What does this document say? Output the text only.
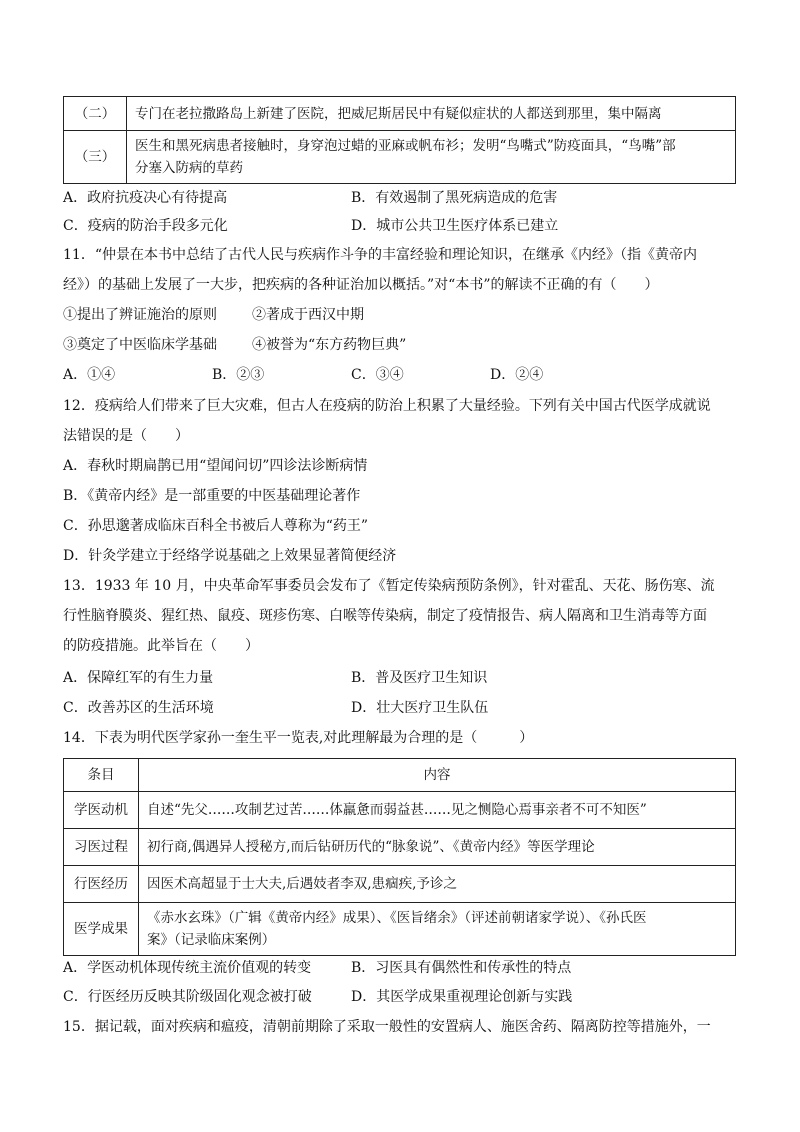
（二）	专门在老拉撒路岛上新建了医院，把威尼斯居民中有疑似症状的人都送到那里，集中隔离
（三）	医生和黑死病患者接触时，身穿泡过蜡的亚麻或帆布衫；发明“鸟嘴式”防疫面具，“鸟嘴”部
分塞入防病的草药
A．政府抗疫决心有待提高	B．有效遏制了黑死病造成的危害
C．疫病的防治手段多元化	D．城市公共卫生医疗体系已建立
11．“仲景在本书中总结了古代人民与疾病作斗争的丰富经验和理论知识，在继承《内经》（指《黄帝内
经》）的基础上发展了一大步，把疾病的各种证治加以概括。”对“本书”的解读不正确的有（　　）
①提出了辨证施治的原则	②著成于西汉中期
③奠定了中医临床学基础	④被誉为“东方药物巨典”
A．①④	B．②③	C．③④	D．②④
12．疫病给人们带来了巨大灾难，但古人在疫病的防治上积累了大量经验。下列有关中国古代医学成就说
法错误的是（　　）
A．春秋时期扁鹊已用“望闻问切”四诊法诊断病情
B．《黄帝内经》是一部重要的中医基础理论著作
C．孙思邈著成临床百科全书被后人尊称为“药王”
D．针灸学建立于经络学说基础之上效果显著简便经济
13．1933 年 10 月，中央革命军事委员会发布了《暂定传染病预防条例》，针对霍乱、天花、肠伤寒、流
行性脑脊膜炎、猩红热、鼠疫、斑疹伤寒、白喉等传染病，制定了疫情报告、病人隔离和卫生消毒等方面
的防疫措施。此举旨在（　　）
A．保障红军的有生力量	B．普及医疗卫生知识
C．改善苏区的生活环境	D．壮大医疗卫生队伍
14．下表为明代医学家孙一奎生平一览表,对此理解最为合理的是（　　　）
条目	内容
学医动机	自述“先父……攻制艺过苦……体羸惫而弱益甚……见之恻隐心焉事亲者不可不知医”
习医过程	初行商,偶遇异人授秘方,而后钻研历代的“脉象说”、《黄帝内经》等医学理论
行医经历	因医术高超显于士大夫,后遇妓者李双,患痼疾,予诊之
医学成果	《赤水玄珠》（广辑《黄帝内经》成果）、《医旨绪余》（评述前朝诸家学说）、《孙氏医
案》（记录临床案例）
A．学医动机体现传统主流价值观的转变	B．习医具有偶然性和传承性的特点
C．行医经历反映其阶级固化观念被打破	D．其医学成果重视理论创新与实践
15．据记载，面对疾病和瘟疫，清朝前期除了采取一般性的安置病人、施医舍药、隔离防控等措施外，一
